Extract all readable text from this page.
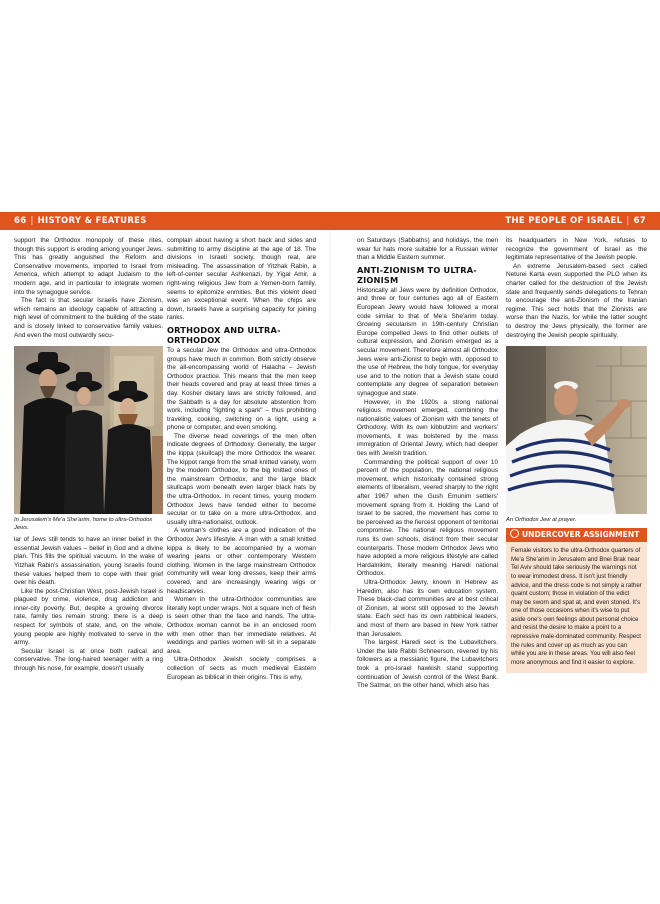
66 | HISTORY & FEATURES	THE PEOPLE OF ISRAEL | 67

support the Orthodox monopoly of these rites, though this support is eroding among younger Jews. This has greatly anguished the Reform and Conservative movements, imported to Israel from America, which attempt to adapt Judaism to the modern age, and in particular to integrate women into the synagogue service.

The fact is that secular Israelis have Zionism, which remains an ideology capable of attracting a high level of commitment to the building of the state and is closely linked to conservative family values. And even the most outwardly secu-

In Jerusalem's Me'a She'arim, home to ultra-Orthodox Jews.

lar of Jews still tends to have an inner belief in the essential Jewish values – belief in God and a divine plan. This fills the spiritual vacuum. In the wake of Yitzhak Rabin's assassination, young Israelis found these values helped them to cope with their grief over his death.

Like the post-Christian West, post-Jewish Israel is plagued by crime, violence, drug addiction and inner-city poverty. But, despite a growing divorce rate, family ties remain strong; there is a deep respect for symbols of state, and, on the whole, young people are highly motivated to serve in the army.

Secular Israel is at once both radical and conservative. The long-haired teenager with a ring through his nose, for example, doesn't usually

complain about having a short back and sides and submitting to army discipline at the age of 18. The divisions in Israeli society, though real, are misleading. The assassination of Yitzhak Rabin, a left-of-center secular Ashkenazi, by Yigal Amir, a right-wing religious Jew from a Yemen-born family, seems to epitomize enmities. But this violent deed was an exceptional event. When the chips are down, Israelis have a surprising capacity for joining ranks.

ORTHODOX AND ULTRA-ORTHODOX

To a secular Jew the Orthodox and ultra-Orthodox groups have much in common. Both strictly observe the all-encompassing world of Halacha – Jewish Orthodox practice. This means that the men keep their heads covered and pray at least three times a day. Kosher dietary laws are strictly followed, and the Sabbath is a day for absolute abstention from work, including "lighting a spark" – thus prohibiting traveling, cooking, switching on a light, using a phone or computer, and even smoking.

The diverse head coverings of the men often indicate degrees of Orthodoxy. Generally, the larger the kippa (skullcap) the more Orthodox the wearer. The kippot range from the small knitted variety, worn by the modern Orthodox, to the big knitted ones of the mainstream Orthodox, and the large black skullcaps worn beneath even larger black hats by the ultra-Orthodox. In recent times, young modern Orthodox Jews have tended either to become secular or to take on a more ultra-Orthodox, and usually ultra-nationalist, outlook.

A woman's clothes are a good indication of the Orthodox Jew's lifestyle. A man with a small knitted kippa is likely to be accompanied by a woman wearing jeans or other contemporary Western clothing. Women in the large mainstream Orthodox community will wear long dresses, keep their arms covered, and are increasingly wearing wigs or headscarves.

Women in the ultra-Orthodox communities are literally kept under wraps. Not a square inch of flesh is seen other than the face and hands. The ultra-Orthodox woman cannot be in an enclosed room with men other than her immediate relatives. At weddings and parties women will sit in a separate area.

Ultra-Orthodox Jewish society comprises a collection of sects as much medieval Eastern European as biblical in their origins. This is why,

on Saturdays (Sabbaths) and holidays, the men wear fur hats more suitable for a Russian winter than a Middle Eastern summer.

ANTI-ZIONISM TO ULTRA-ZIONISM

Historically all Jews were by definition Orthodox, and three or four centuries ago all of Eastern European Jewry would have followed a moral code similar to that of Me'a She'arim today. Growing secularism in 19th-century Christian Europe compelled Jews to find other outlets of cultural expression, and Zionism emerged as a secular movement. Therefore almost all Orthodox Jews were anti-Zionist to begin with, opposed to the use of Hebrew, the holy tongue, for everyday use and to the notion that a Jewish state could contemplate any degree of separation between synagogue and state.

However, in the 1920s a strong national religious movement emerged, combining the nationalistic values of Zionism with the tenets of Orthodoxy. With its own kibbutzim and workers' movements, it was bolstered by the mass immigration of Oriental Jewry, which had deeper ties with Jewish tradition.

Commanding the political support of over 10 percent of the population, the national religious movement, which historically contained strong elements of liberalism, veered sharply to the right after 1967 when the Gush Emunim settlers' movement sprang from it. Holding the Land of Israel to be sacred, the movement has come to be perceived as the fiercest opponent of territorial compromise. The national religious movement runs its own schools, distinct from their secular counterparts. Those modern Orthodox Jews who have adopted a more religious lifestyle are called Hardalnikim, literally meaning Haredi national Orthodox.

Ultra-Orthodox Jewry, known in Hebrew as Haredim, also has its own education system. These black-clad communities are at best critical of Zionism, at worst still opposed to the Jewish state. Each sect has its own rabbinical leaders, and most of them are based in New York rather than Jerusalem.

The largest Haredi sect is the Lubavitchers. Under the late Rabbi Schneerson, revered by his followers as a messianic figure, the Lubavitchers took a pro-Israel hawkish stand supporting continuation of Jewish control of the West Bank. The Satmar, on the other hand, which also has

its headquarters in New York, refuses to recognize the government of Israel as the legitimate representative of the Jewish people.

An extreme Jerusalem-based sect called Neturei Karta even supported the PLO when its charter called for the destruction of the Jewish state and frequently sends delegations to Tehran to encourage the anti-Zionism of the Iranian regime. This sect holds that the Zionists are worse than the Nazis, for while the latter sought to destroy the Jews physically, the former are destroying the Jewish people spiritually.

An Orthodox Jew at prayer.
UNDERCOVER ASSIGNMENT
Female visitors to the ultra-Orthodox quarters of Me'a She'arim in Jerusalem and Bnei Brak near Tel Aviv should take seriously the warnings not to wear immodest dress. It isn't just friendly advice, and the dress code is not simply a rather quaint custom; those in violation of the edict may be sworn and spat at, and even stoned. It's one of those occasions when it's wise to put aside one's own feelings about personal choice and resist the desire to make a point to a repressive male-dominated community. Respect the rules and cover up as much as you can while you are in these areas. You will also feel more anonymous and find it easier to explore.
